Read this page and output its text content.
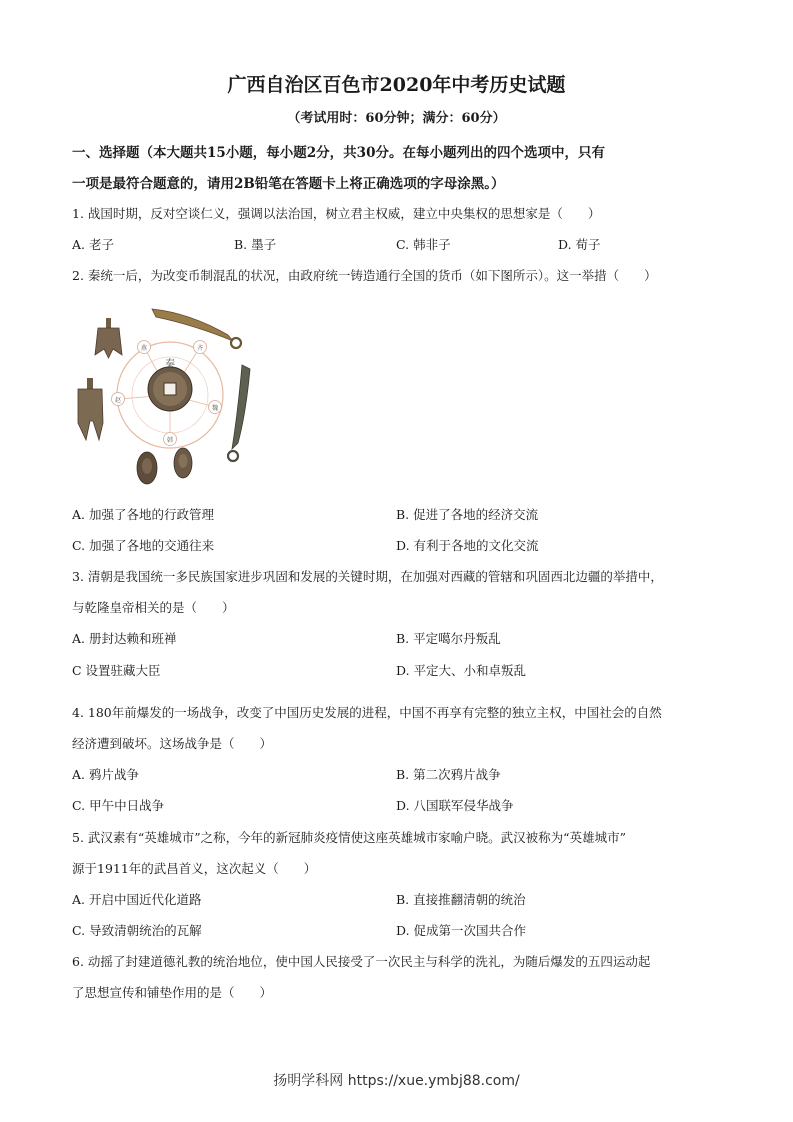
广西自治区百色市2020年中考历史试题
（考试用时：60分钟；满分：60分）
一、选择题（本大题共15小题，每小题2分，共30分。在每小题列出的四个选项中，只有
一项是最符合题意的，请用2B铅笔在答题卡上将正确选项的字母涂黑。）
1. 战国时期，反对空谈仁义，强调以法治国，树立君主权威，建立中央集权的思想家是（　　）
A. 老子	B. 墨子	C. 韩非子	D. 荀子
2. 秦统一后，为改变币制混乱的状况，由政府统一铸造通行全国的货币（如下图所示）。这一举措（　　）
秦
燕	齐
赵
魏
韩
A. 加强了各地的行政管理	B. 促进了各地的经济交流
C. 加强了各地的交通往来	D. 有利于各地的文化交流
3. 清朝是我国统一多民族国家进步巩固和发展的关键时期，在加强对西藏的管辖和巩固西北边疆的举措中，
与乾隆皇帝相关的是（　　）
A. 册封达赖和班禅	B. 平定噶尔丹叛乱
C 设置驻藏大臣	D. 平定大、小和卓叛乱
4. 180年前爆发的一场战争，改变了中国历史发展的进程，中国不再享有完整的独立主权，中国社会的自然
经济遭到破坏。这场战争是（　　）
A. 鸦片战争	B. 第二次鸦片战争
C. 甲午中日战争	D. 八国联军侵华战争
5. 武汉素有“英雄城市”之称，今年的新冠肺炎疫情使这座英雄城市家喻户晓。武汉被称为“英雄城市”
源于1911年的武昌首义，这次起义（　　）
A. 开启中国近代化道路	B. 直接推翻清朝的统治
C. 导致清朝统治的瓦解	D. 促成第一次国共合作
6. 动摇了封建道德礼教的统治地位，使中国人民接受了一次民主与科学的洗礼，为随后爆发的五四运动起
了思想宣传和铺垫作用的是（　　）
扬明学科网 https://xue.ymbj88.com/
